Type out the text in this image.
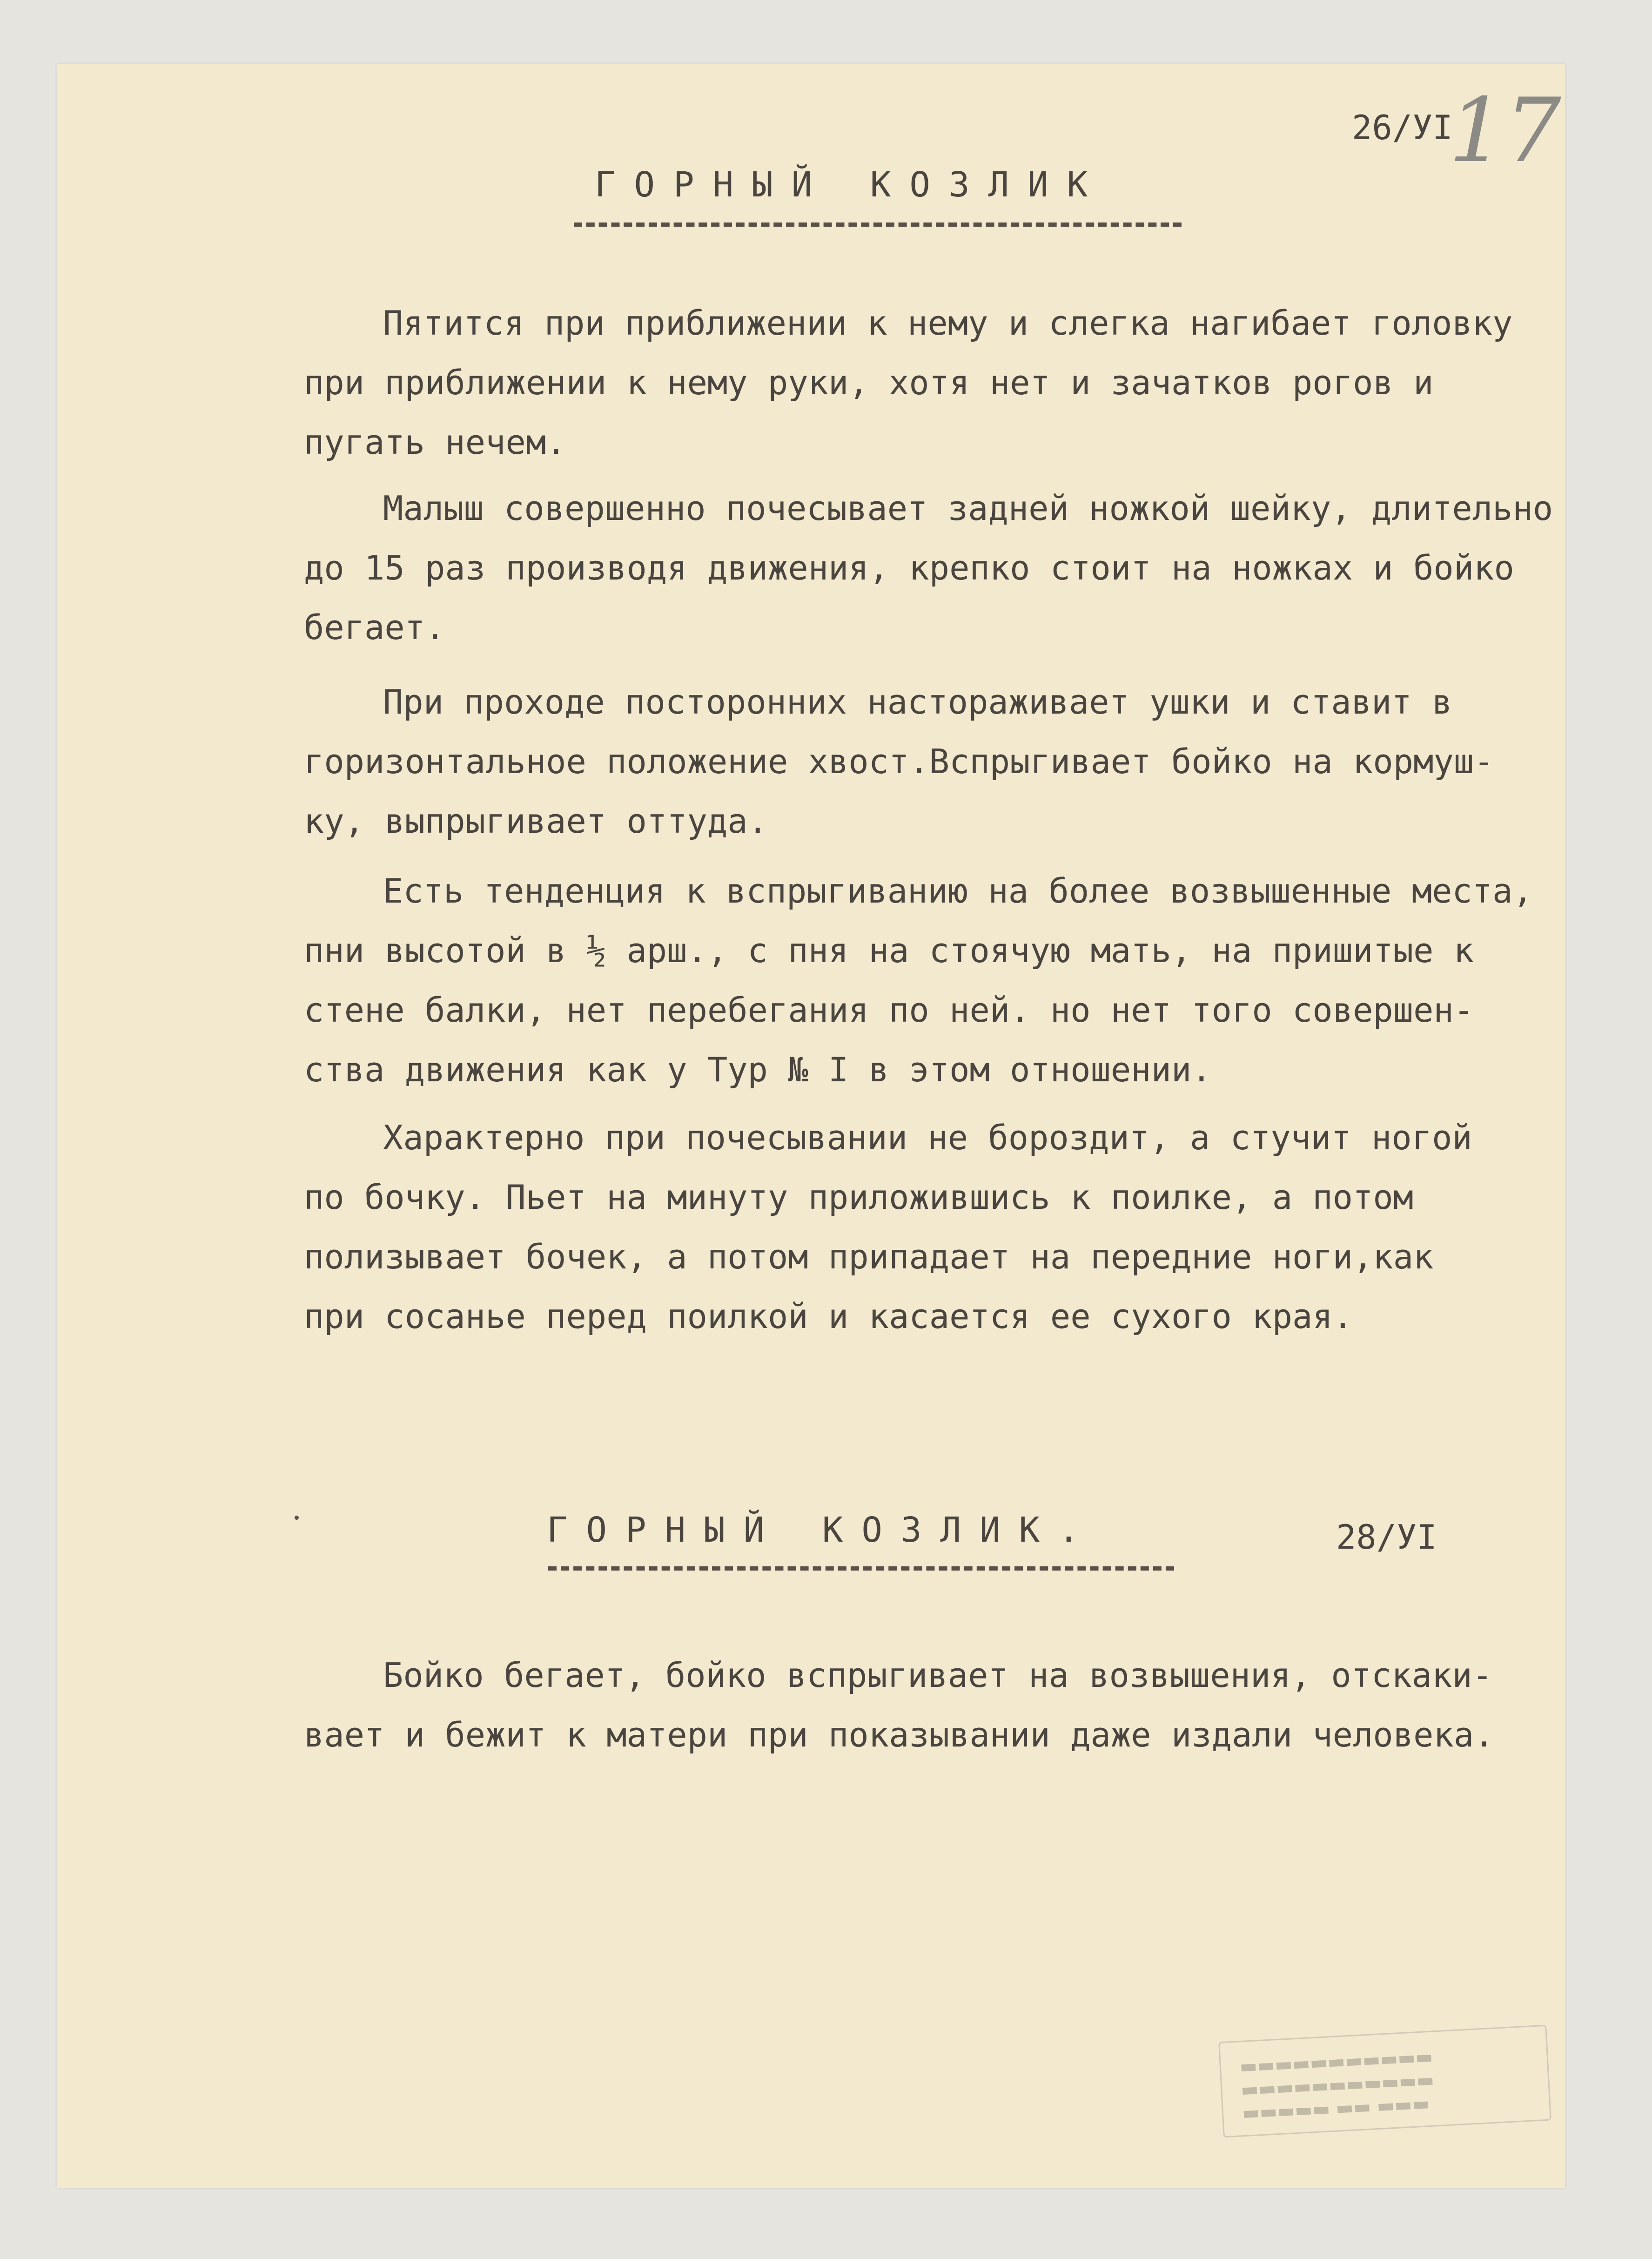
26/УI
17
ГОРНЫЙ КОЗЛИК
Пятится при приближении к нему и слегка нагибает головку
при приближении к нему руки, хотя нет и зачатков рогов и
пугать нечем.
Малыш совершенно почесывает задней ножкой шейку, длительно
до 15 раз производя движения, крепко стоит на ножках и бойко
бегает.
При проходе посторонних настораживает ушки и ставит в
горизонтальное положение хвост.Вспрыгивает бойко на кормуш-
ку, выпрыгивает оттуда.
Есть тенденция к вспрыгиванию на более возвышенные места,
пни высотой в ½ арш., с пня на стоячую мать, на пришитые к
стене балки, нет перебегания по ней. но нет того совершен-
ства движения как у Тур № I в этом отношении.
Характерно при почесывании не бороздит, а стучит ногой
по бочку. Пьет на минуту приложившись к поилке, а потом
полизывает бочек, а потом припадает на передние ноги,как
при сосанье перед поилкой и касается ее сухого края.
ГОРНЫЙ КОЗЛИК.	28/УI
Бойко бегает, бойко вспрыгивает на возвышения, отскаки-
вает и бежит к матери при показывании даже издали человека.
▬▬▬▬▬▬▬▬▬▬▬
▬▬▬▬▬▬▬▬▬▬▬
▬▬▬▬▬ ▬▬ ▬▬▬
